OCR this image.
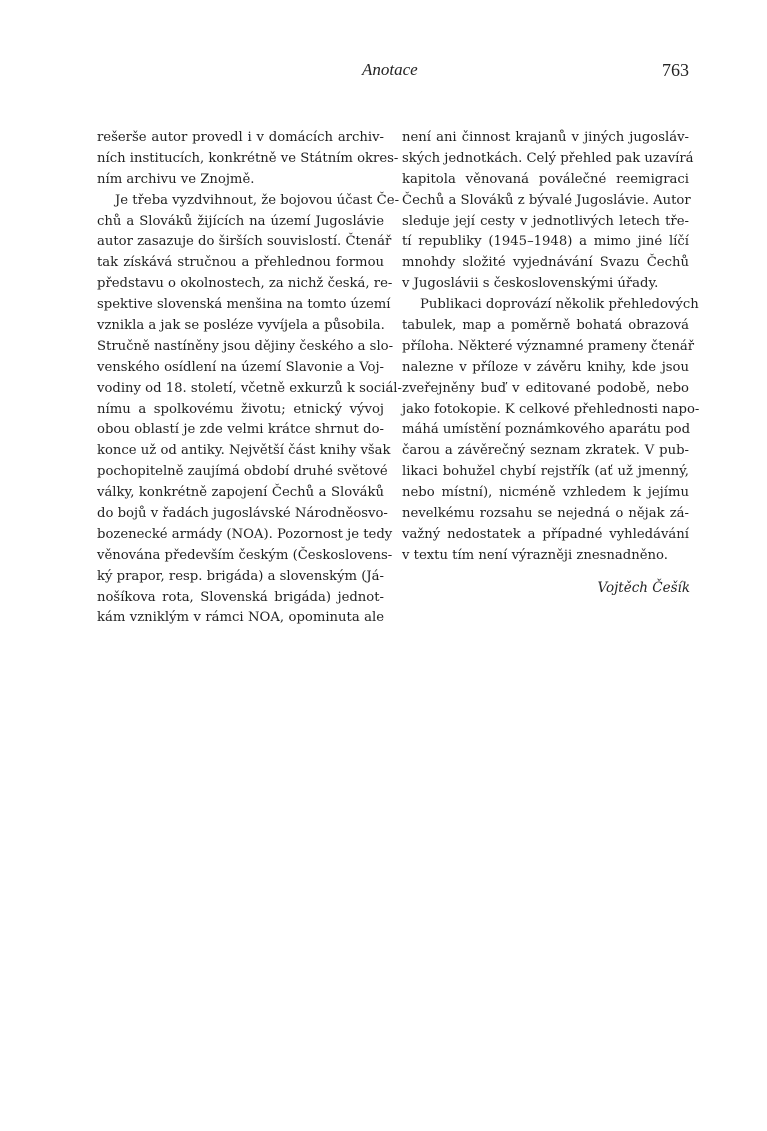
Anotace	763
rešerše autor provedl i v domácích archiv-
ních institucích, konkrétně ve Státním okres-
ním archivu ve Znojmě.
Je třeba vyzdvihnout, že bojovou účast Če-
chů a Slováků žijících na území Jugoslávie
autor zasazuje do širších souvislostí. Čtenář
tak získává stručnou a přehlednou formou
představu o okolnostech, za nichž česká, re-
spektive slovenská menšina na tomto území
vznikla a jak se posléze vyvíjela a působila.
Stručně nastíněny jsou dějiny českého a slo-
venského osídlení na území Slavonie a Voj-
vodiny od 18. století, včetně exkurzů k sociál-
nímu a spolkovému životu; etnický vývoj
obou oblastí je zde velmi krátce shrnut do-
konce už od antiky. Největší část knihy však
pochopitelně zaujímá období druhé světové
války, konkrétně zapojení Čechů a Slováků
do bojů v řadách jugoslávské Národněosvo-
bozenecké armády (NOA). Pozornost je tedy
věnována především českým (Českoslovens-
ký prapor, resp. brigáda) a slovenským (Já-
nošíkova rota, Slovenská brigáda) jednot-
kám vzniklým v rámci NOA, opominuta ale
není ani činnost krajanů v jiných jugosláv-
ských jednotkách. Celý přehled pak uzavírá
kapitola věnovaná poválečné reemigraci
Čechů a Slováků z bývalé Jugoslávie. Autor
sleduje její cesty v jednotlivých letech tře-
tí republiky (1945–1948) a mimo jiné líčí
mnohdy složité vyjednávání Svazu Čechů
v Jugoslávii s československými úřady.
Publikaci doprovází několik přehledových
tabulek, map a poměrně bohatá obrazová
příloha. Některé významné prameny čtenář
nalezne v příloze v závěru knihy, kde jsou
zveřejněny buď v editované podobě, nebo
jako fotokopie. K celkové přehlednosti napo-
máhá umístění poznámkového aparátu pod
čarou a závěrečný seznam zkratek. V pub-
likaci bohužel chybí rejstřík (ať už jmenný,
nebo místní), nicméně vzhledem k jejímu
nevelkému rozsahu se nejedná o nějak zá-
važný nedostatek a případné vyhledávání
v textu tím není výrazněji znesnadněno.
Vojtěch Češík
